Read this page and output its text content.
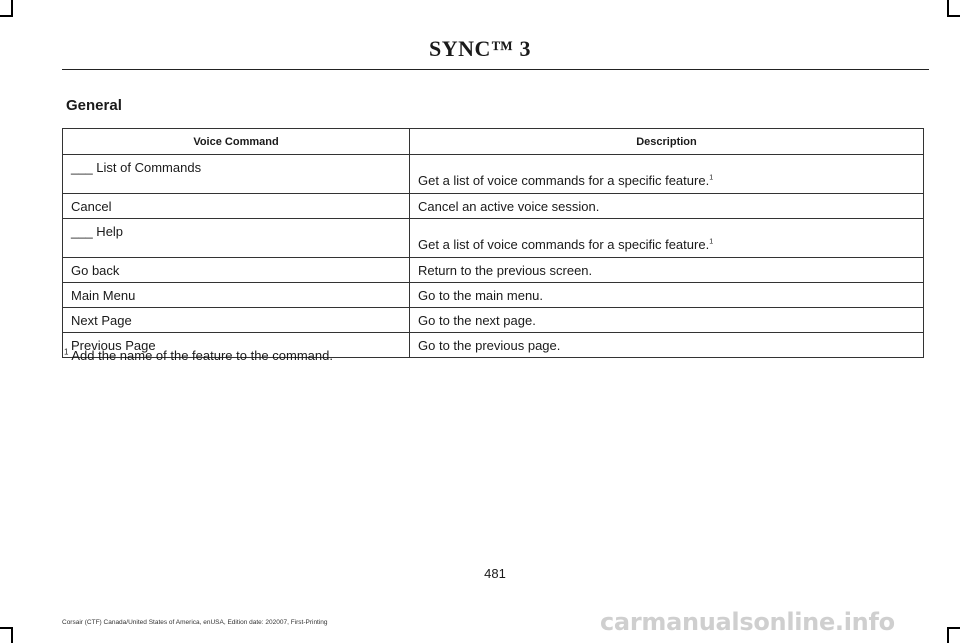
SYNC™ 3
General
Voice Command	Description
___ List of Commands	Get a list of voice commands for a specific feature.$^1$
Cancel	Cancel an active voice session.
___ Help	Get a list of voice commands for a specific feature.$^1$
Go back	Return to the previous screen.
Main Menu	Go to the main menu.
Next Page	Go to the next page.
Previous Page	Go to the previous page.
$^1$ Add the name of the feature to the command.
481
Corsair (CTF) Canada/United States of America, enUSA, Edition date: 202007, First-Printing	carmanualsonline.info
